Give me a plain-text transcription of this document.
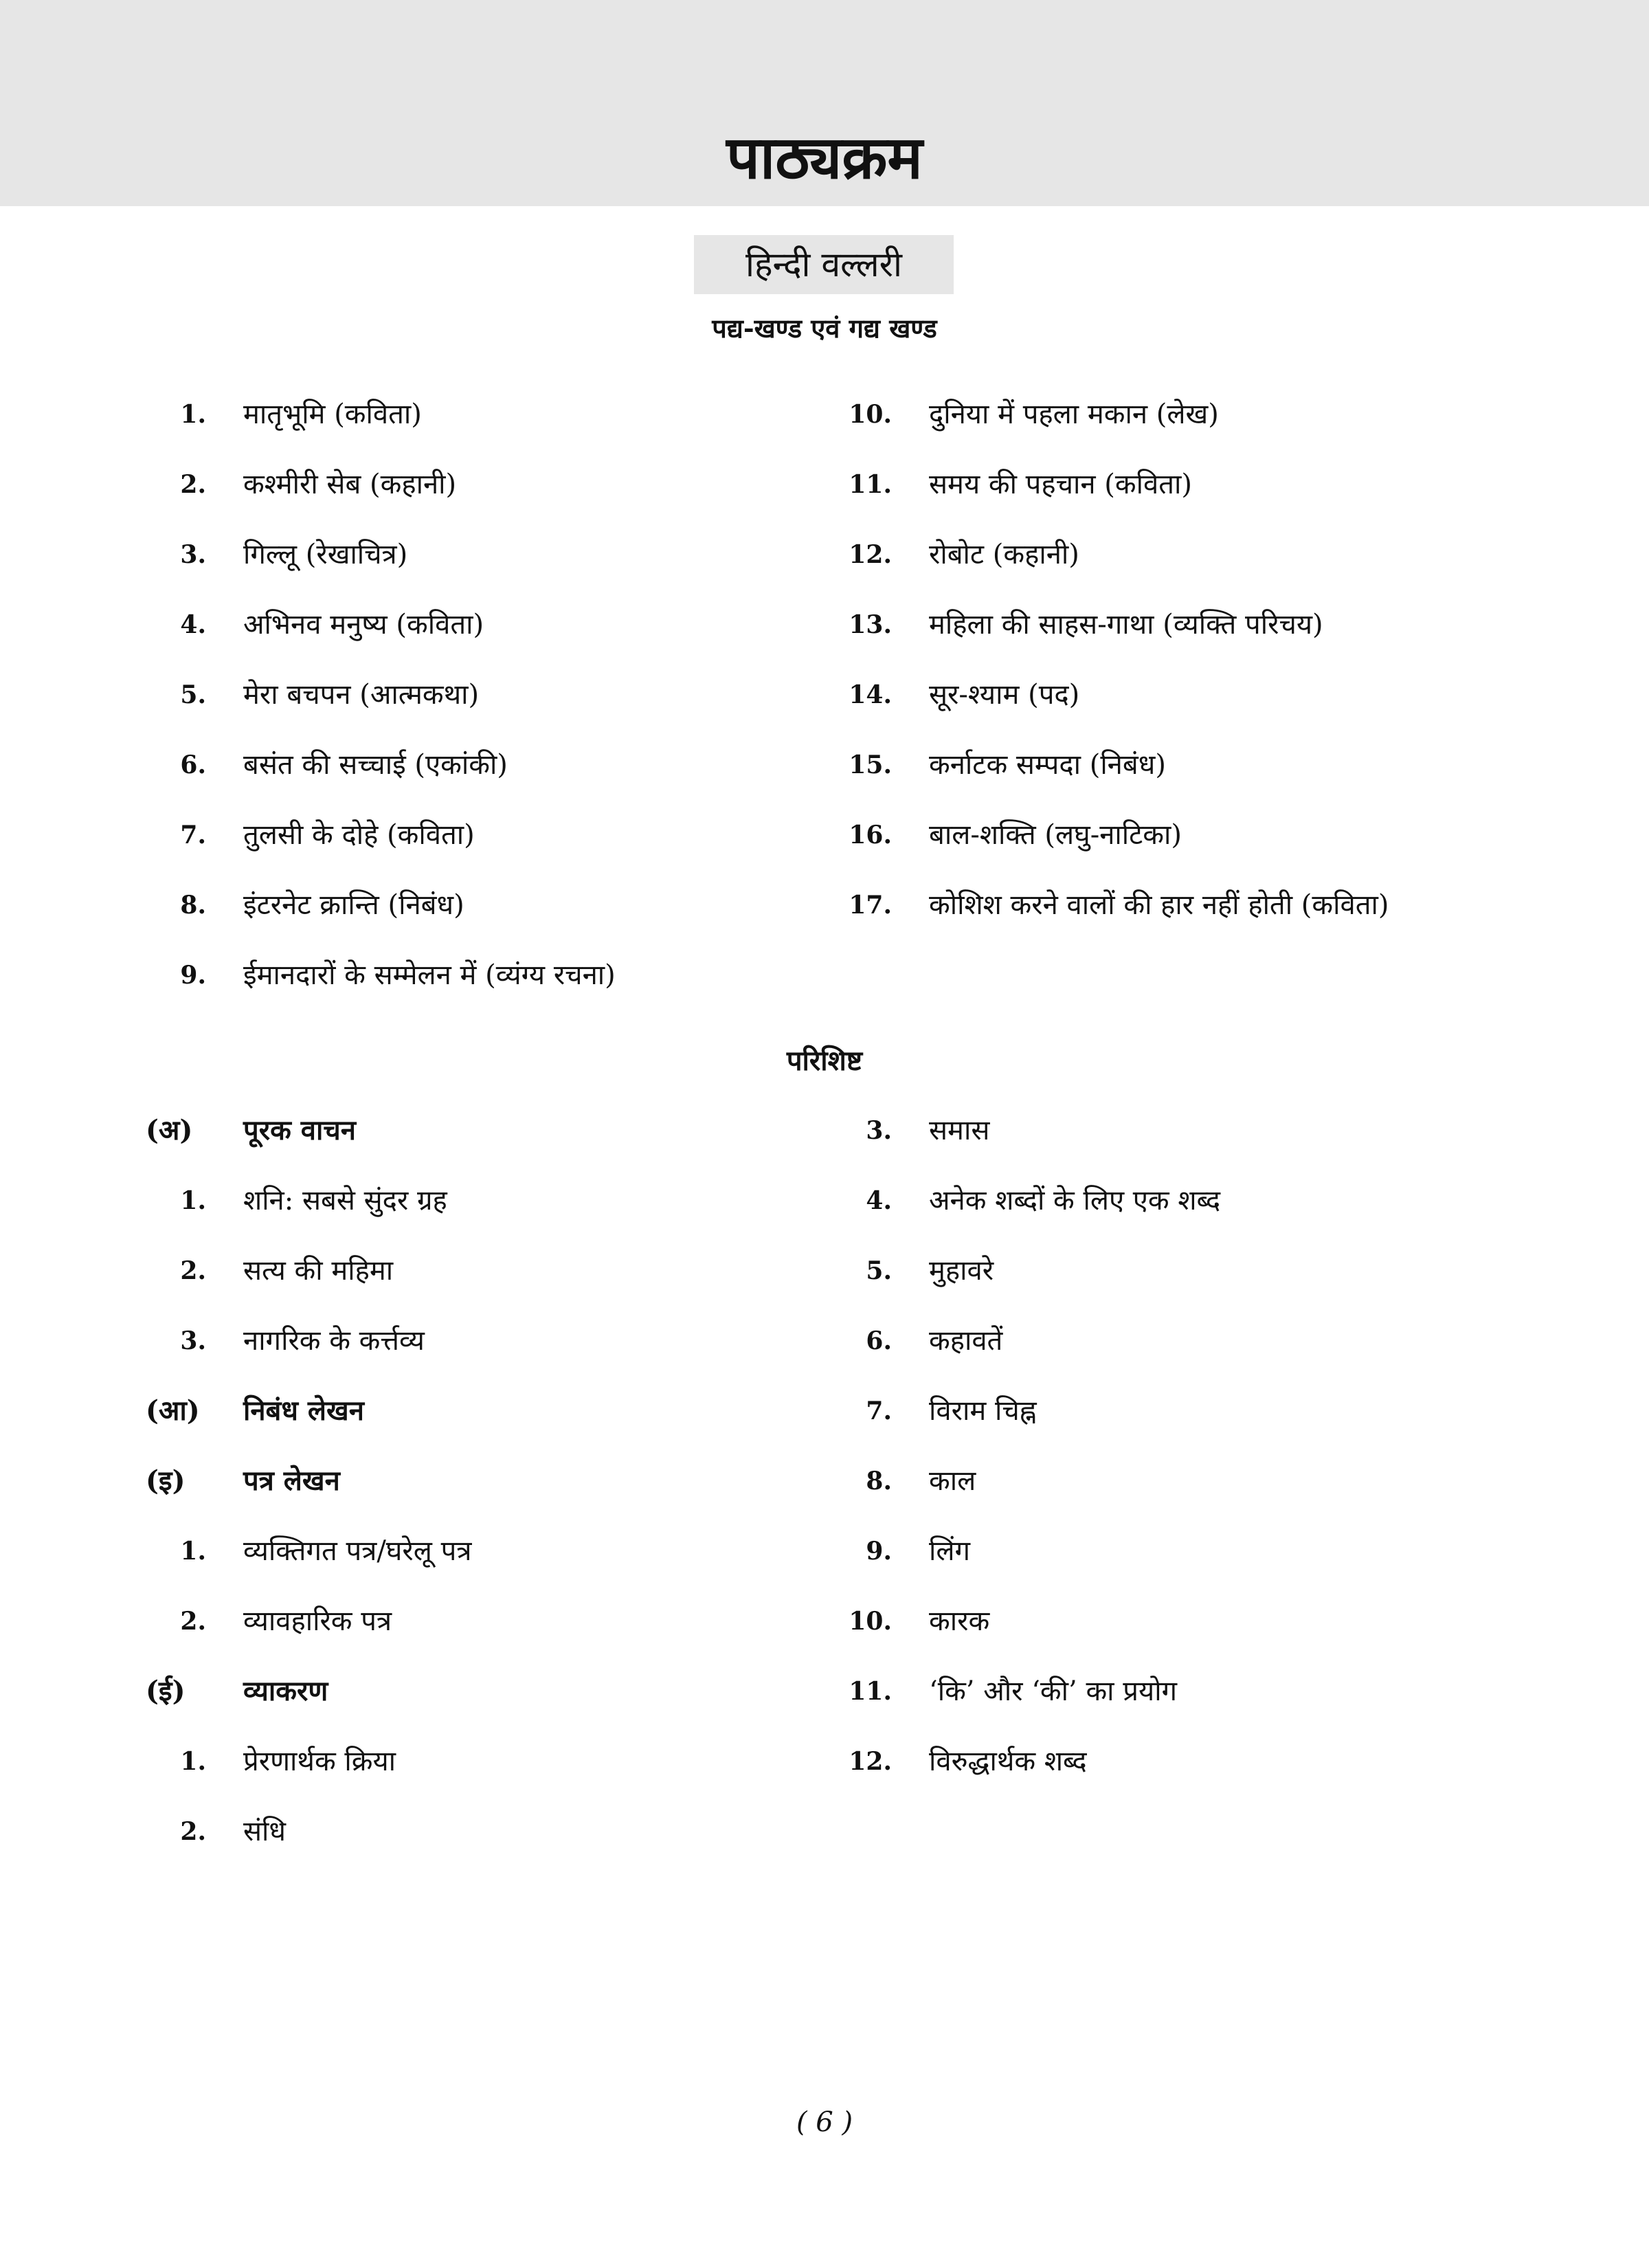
पाठ्यक्रम
हिन्दी वल्लरी
पद्य-खण्ड एवं गद्य खण्ड
1. मातृभूमि (कविता)
2. कश्मीरी सेब (कहानी)
3. गिल्लू (रेखाचित्र)
4. अभिनव मनुष्य (कविता)
5. मेरा बचपन (आत्मकथा)
6. बसंत की सच्चाई (एकांकी)
7. तुलसी के दोहे (कविता)
8. इंटरनेट क्रान्ति (निबंध)
9. ईमानदारों के सम्मेलन में (व्यंग्य रचना)
10. दुनिया में पहला मकान (लेख)
11. समय की पहचान (कविता)
12. रोबोट (कहानी)
13. महिला की साहस-गाथा (व्यक्ति परिचय)
14. सूर-श्याम (पद)
15. कर्नाटक सम्पदा (निबंध)
16. बाल-शक्ति (लघु-नाटिका)
17. कोशिश करने वालों की हार नहीं होती (कविता)
परिशिष्ट
(अ) पूरक वाचन
1. शनि: सबसे सुंदर ग्रह
2. सत्य की महिमा
3. नागरिक के कर्त्तव्य
(आ) निबंध लेखन
(इ)	पत्र लेखन
1. व्यक्तिगत पत्र/घरेलू पत्र
2. व्यावहारिक पत्र
(ई)	व्याकरण
1. प्रेरणार्थक क्रिया
2. संधि
3. समास
4. अनेक शब्दों के लिए एक शब्द
5. मुहावरे
6. कहावतें
7. विराम चिह्न
8. काल
9. लिंग
10. कारक
11. ‘कि’ और ‘की’ का प्रयोग
12. विरुद्धार्थक शब्द
( 6 )
